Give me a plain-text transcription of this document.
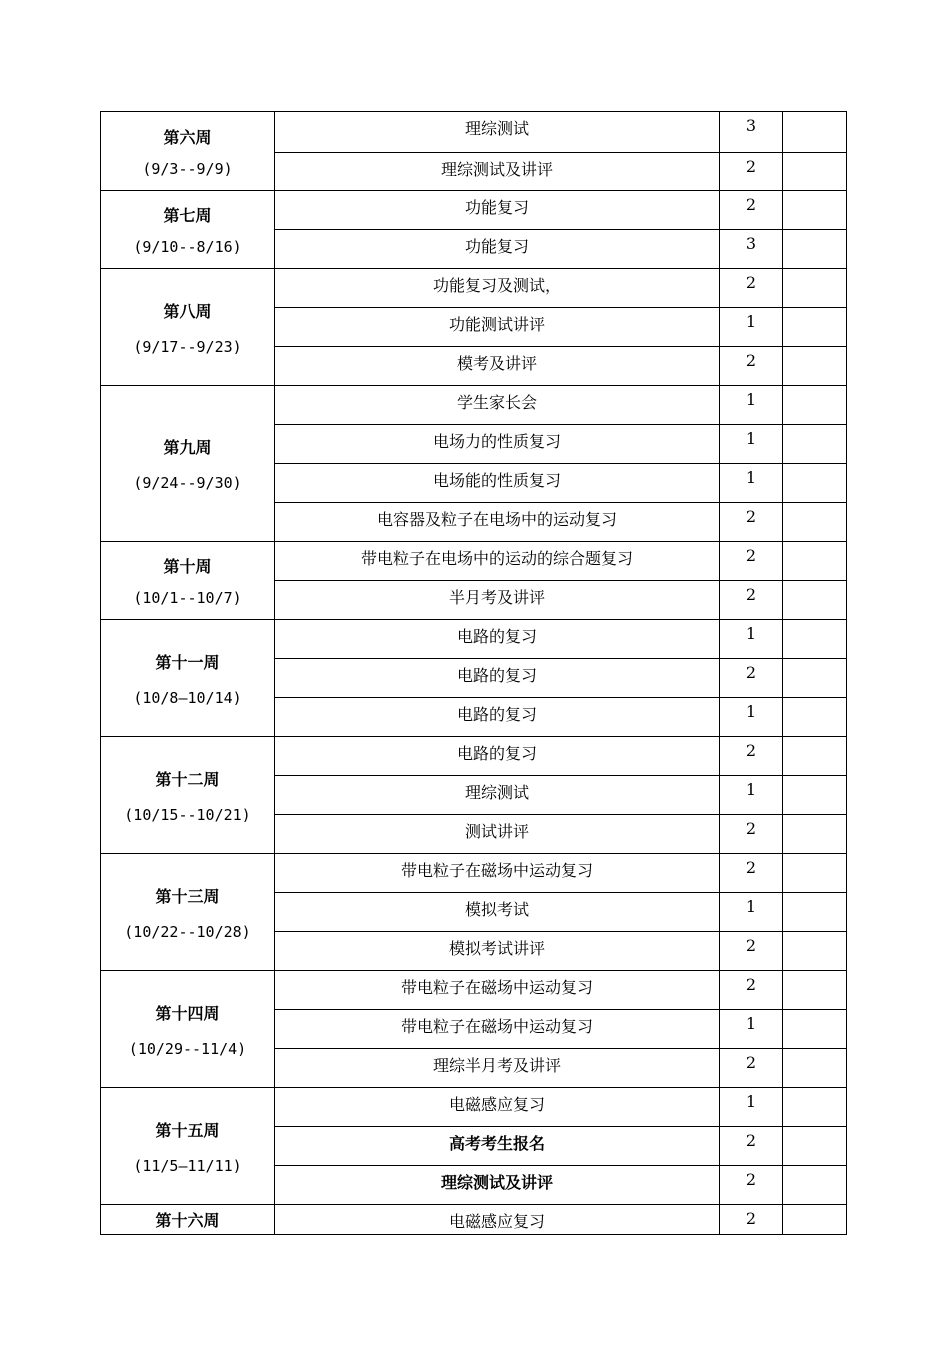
第六周
(9/3--9/9)	理综测试	3	

	理综测试及讲评	2	

第七周
(9/10--8/16)	功能复习	2	

	功能复习	3	

第八周
(9/17--9/23)	功能复习及测试，	2	

	功能测试讲评	1	

	模考及讲评	2	

第九周
(9/24--9/30)	学生家长会	1	

	电场力的性质复习	1	

	电场能的性质复习	1	

	电容器及粒子在电场中的运动复习	2	

第十周
(10/1--10/7)	带电粒子在电场中的运动的综合题复习	2	

	半月考及讲评	2	

第十一周
(10/8—10/14)	电路的复习	1	

	电路的复习	2	

	电路的复习	1	

第十二周
(10/15--10/21)	电路的复习	2	

	理综测试	1	

	测试讲评	2	

第十三周
(10/22--10/28)	带电粒子在磁场中运动复习	2	

	模拟考试	1	

	模拟考试讲评	2	

第十四周
(10/29--11/4)	带电粒子在磁场中运动复习	2	

	带电粒子在磁场中运动复习	1	

	理综半月考及讲评	2	

第十五周
(11/5—11/11)	电磁感应复习	1	

	高考考生报名	2	

	理综测试及讲评	2	

第十六周	电磁感应复习	2	
